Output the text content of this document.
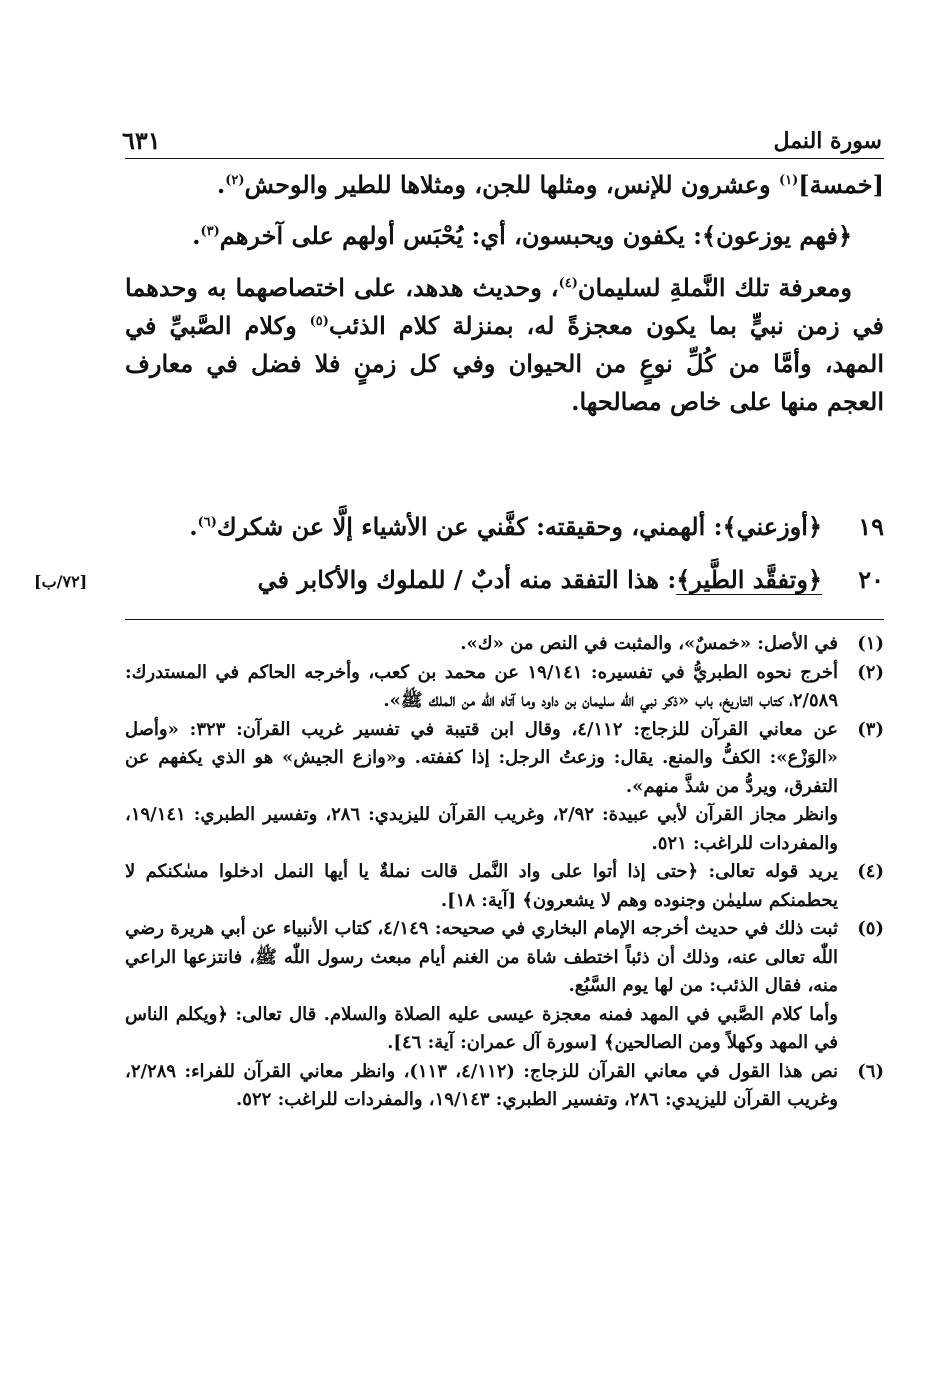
سورة النمل
٦٣١

[خمسة]$^{(١)}$ وعشرون للإنس، ومثلها للجن، ومثلاها للطير والوحش$^{(٢)}$.

﴿فهم يوزعون﴾: يكفون ويحبسون، أي: يُحْبَس أولهم على آخرهم$^{(٣)}$.

ومعرفة تلك النَّملةِ لسليمان$^{(٤)}$، وحديث هدهد، على اختصاصهما به وحدهما في زمن نبيٍّ بما يكون معجزةً له، بمنزلة كلام الذئب$^{(٥)}$ وكلام الصَّبيِّ في المهد، وأمَّا من كُلِّ نوعٍ من الحيوان وفي كل زمنٍ فلا فضل في معارف العجم منها على خاص مصالحها.

١٩
﴿أوزعني﴾: ألهمني، وحقيقته: كفَّني عن الأشياء إلَّا عن شكرك$^{(٦)}$.
٢٠
﴿وتفقَّد الطَّير﴾: هذا التفقد منه أدبٌ / للملوك والأكابر في
[٧٢/ب]
(١)
في الأصل: «خمسٌ»، والمثبت في النص من «ك».
(٢)
أخرج نحوه الطبريُّ في تفسيره: ١٩/١٤١ عن محمد بن كعب، وأخرجه الحاكم في المستدرك: ٢/٥٨٩، كتاب التاريخ، باب «ذكر نبي اللّٰه سليمان بن داود وما آتاه اللّٰه من الملك ﷺ».
(٣)
عن معاني القرآن للزجاج: ٤/١١٢، وقال ابن قتيبة في تفسير غريب القرآن: ٣٢٣: «وأصل «الوَزْع»: الكفُّ والمنع. يقال: وزعتُ الرجل: إذا كففته. و«وازع الجيش» هو الذي يكفهم عن التفرق، ويردُّ من شذَّ منهم».
وانظر مجاز القرآن لأبي عبيدة: ٢/٩٢، وغريب القرآن لليزيدي: ٢٨٦، وتفسير الطبري: ١٩/١٤١، والمفردات للراغب: ٥٢١.
(٤)
يريد قوله تعالى: ﴿حتى إذا أتوا على واد النَّمل قالت نملةٌ يا أيها النمل ادخلوا مسٰكنكم لا يحطمنكم سليمٰن وجنوده وهم لا يشعرون﴾ [آية: ١٨].
(٥)
ثبت ذلك في حديث أخرجه الإمام البخاري في صحيحه: ٤/١٤٩، كتاب الأنبياء عن أبي هريرة رضي اللّٰه تعالى عنه، وذلك أن ذئباً اختطف شاة من الغنم أيام مبعث رسول اللّٰه ﷺ، فانتزعها الراعي منه، فقال الذئب: من لها يوم السَّبُع.
وأما كلام الصَّبي في المهد فمنه معجزة عيسى عليه الصلاة والسلام. قال تعالى: ﴿ويكلم الناس في المهد وكهلاً ومن الصالحين﴾ [سورة آل عمران: آية: ٤٦].
(٦)
نص هذا القول في معاني القرآن للزجاج: (٤/١١٢، ١١٣)، وانظر معاني القرآن للفراء: ٢/٢٨٩، وغريب القرآن لليزيدي: ٢٨٦، وتفسير الطبري: ١٩/١٤٣، والمفردات للراغب: ٥٢٢.
